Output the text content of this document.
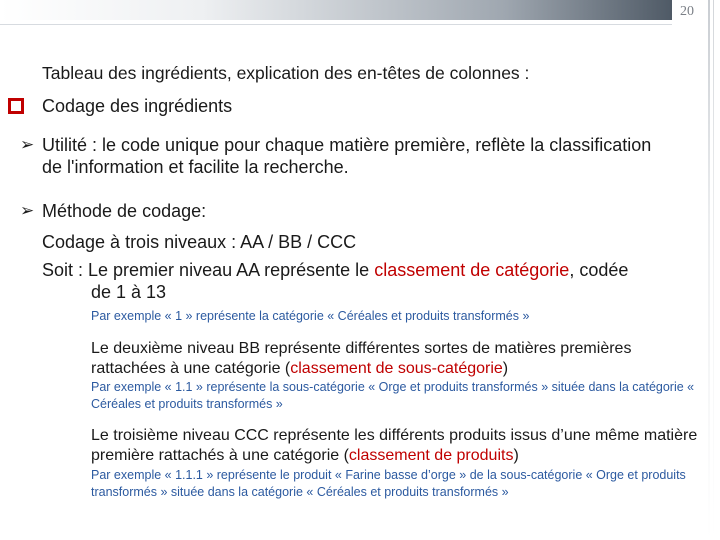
20

Tableau des ingrédients, explication des en-têtes de colonnes :

Codage des ingrédients

➢ Utilité : le code unique pour chaque matière première, reflète la classification de l'information et facilite la recherche.

➢ Méthode de codage:

Codage à trois niveaux : AA / BB / CCC

Soit : Le premier niveau AA représente le classement de catégorie, codée
de 1 à 13

Par exemple « 1 » représente la catégorie « Céréales et produits transformés »

Le deuxième niveau BB représente différentes sortes de matières premières rattachées à une catégorie (classement de sous-catégorie)

Par exemple « 1.1 » représente la sous-catégorie « Orge et produits transformés » située dans la catégorie « Céréales et produits transformés »

Le troisième niveau CCC représente les différents produits issus d’une même matière première rattachés à une catégorie (classement de produits)

Par exemple « 1.1.1 » représente le produit « Farine basse d’orge » de la sous-catégorie « Orge et produits transformés » située dans la catégorie « Céréales et produits transformés »
